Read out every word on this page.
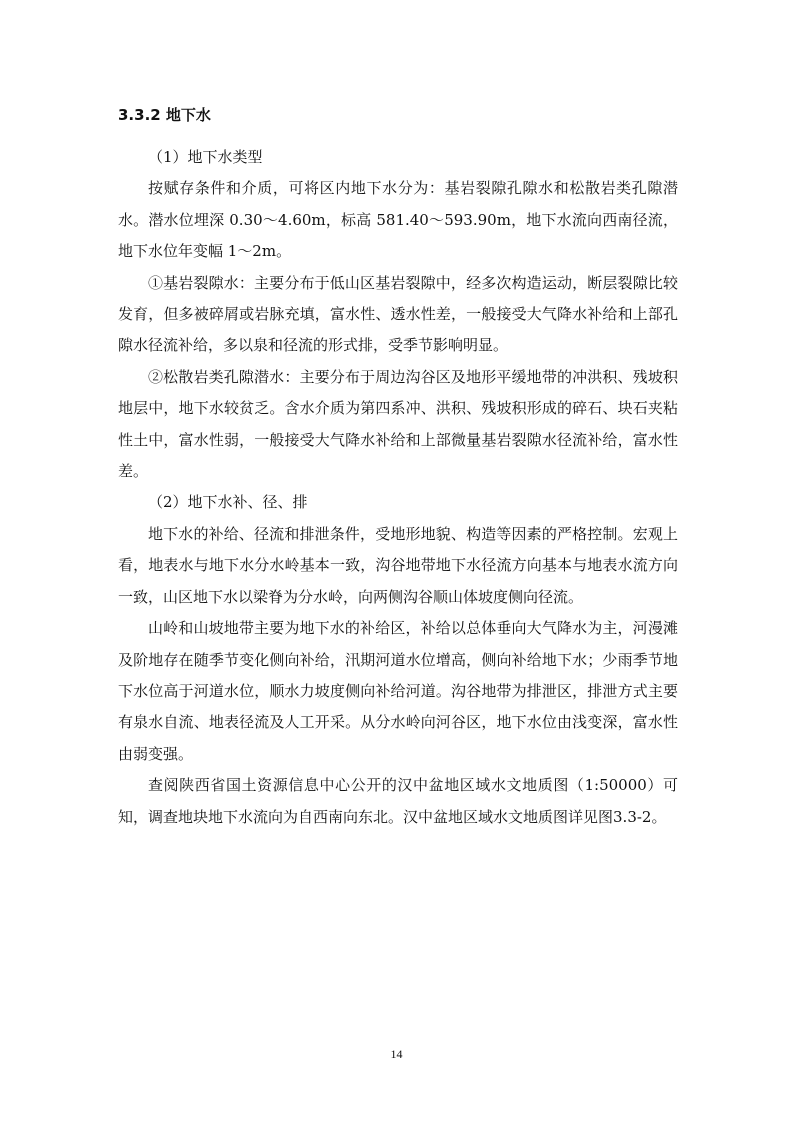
3.3.2 地下水

（1）地下水类型

按赋存条件和介质，可将区内地下水分为：基岩裂隙孔隙水和松散岩类孔隙潜水。潜水位埋深 0.30～4.60m，标高 581.40～593.90m，地下水流向西南径流，地下水位年变幅 1～2m。

①基岩裂隙水：主要分布于低山区基岩裂隙中，经多次构造运动，断层裂隙比较发育，但多被碎屑或岩脉充填，富水性、透水性差，一般接受大气降水补给和上部孔隙水径流补给，多以泉和径流的形式排，受季节影响明显。

②松散岩类孔隙潜水：主要分布于周边沟谷区及地形平缓地带的冲洪积、残坡积地层中，地下水较贫乏。含水介质为第四系冲、洪积、残坡积形成的碎石、块石夹粘性土中，富水性弱，一般接受大气降水补给和上部微量基岩裂隙水径流补给，富水性差。

（2）地下水补、径、排

地下水的补给、径流和排泄条件，受地形地貌、构造等因素的严格控制。宏观上看，地表水与地下水分水岭基本一致，沟谷地带地下水径流方向基本与地表水流方向一致，山区地下水以梁脊为分水岭，向两侧沟谷顺山体坡度侧向径流。

山岭和山坡地带主要为地下水的补给区，补给以总体垂向大气降水为主，河漫滩及阶地存在随季节变化侧向补给，汛期河道水位增高，侧向补给地下水；少雨季节地下水位高于河道水位，顺水力坡度侧向补给河道。沟谷地带为排泄区，排泄方式主要有泉水自流、地表径流及人工开采。从分水岭向河谷区，地下水位由浅变深，富水性由弱变强。

查阅陕西省国土资源信息中心公开的汉中盆地区域水文地质图（1:50000）可知，调查地块地下水流向为自西南向东北。汉中盆地区域水文地质图详见图3.3-2。

14
